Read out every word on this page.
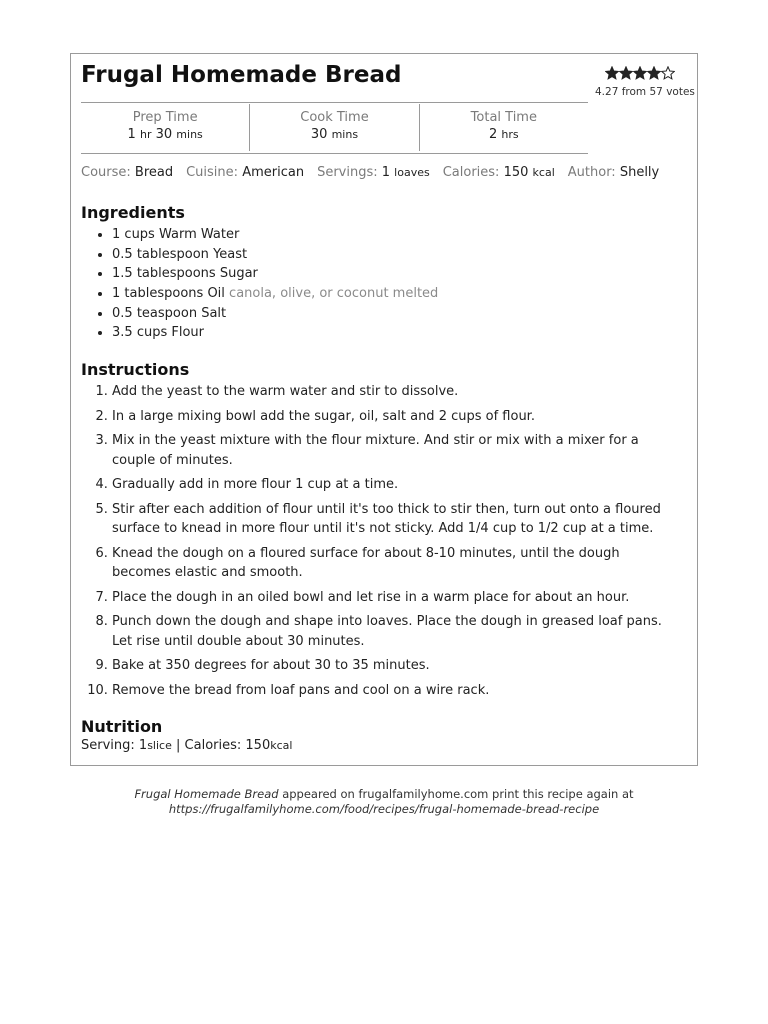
Frugal Homemade Bread
4.27 from 57 votes
Prep Time
1 hr 30 mins
Cook Time
30 mins
Total Time
2 hrs
Course: Bread Cuisine: American Servings: 1 loaves Calories: 150 kcal Author: Shelly
Ingredients
• 1 cups Warm Water
• 0.5 tablespoon Yeast
• 1.5 tablespoons Sugar
• 1 tablespoons Oil canola, olive, or coconut melted
• 0.5 teaspoon Salt
• 3.5 cups Flour
Instructions
1. Add the yeast to the warm water and stir to dissolve.
2. In a large mixing bowl add the sugar, oil, salt and 2 cups of flour.
3. Mix in the yeast mixture with the flour mixture. And stir or mix with a mixer for a couple of minutes.
4. Gradually add in more flour 1 cup at a time.
5. Stir after each addition of flour until it's too thick to stir then, turn out onto a floured surface to knead in more flour until it's not sticky. Add 1/4 cup to 1/2 cup at a time.
6. Knead the dough on a floured surface for about 8-10 minutes, until the dough becomes elastic and smooth.
7. Place the dough in an oiled bowl and let rise in a warm place for about an hour.
8. Punch down the dough and shape into loaves. Place the dough in greased loaf pans. Let rise until double about 30 minutes.
9. Bake at 350 degrees for about 30 to 35 minutes.
10. Remove the bread from loaf pans and cool on a wire rack.
Nutrition
Serving: 1slice | Calories: 150kcal
Frugal Homemade Bread appeared on frugalfamilyhome.com print this recipe again at
https://frugalfamilyhome.com/food/recipes/frugal-homemade-bread-recipe
